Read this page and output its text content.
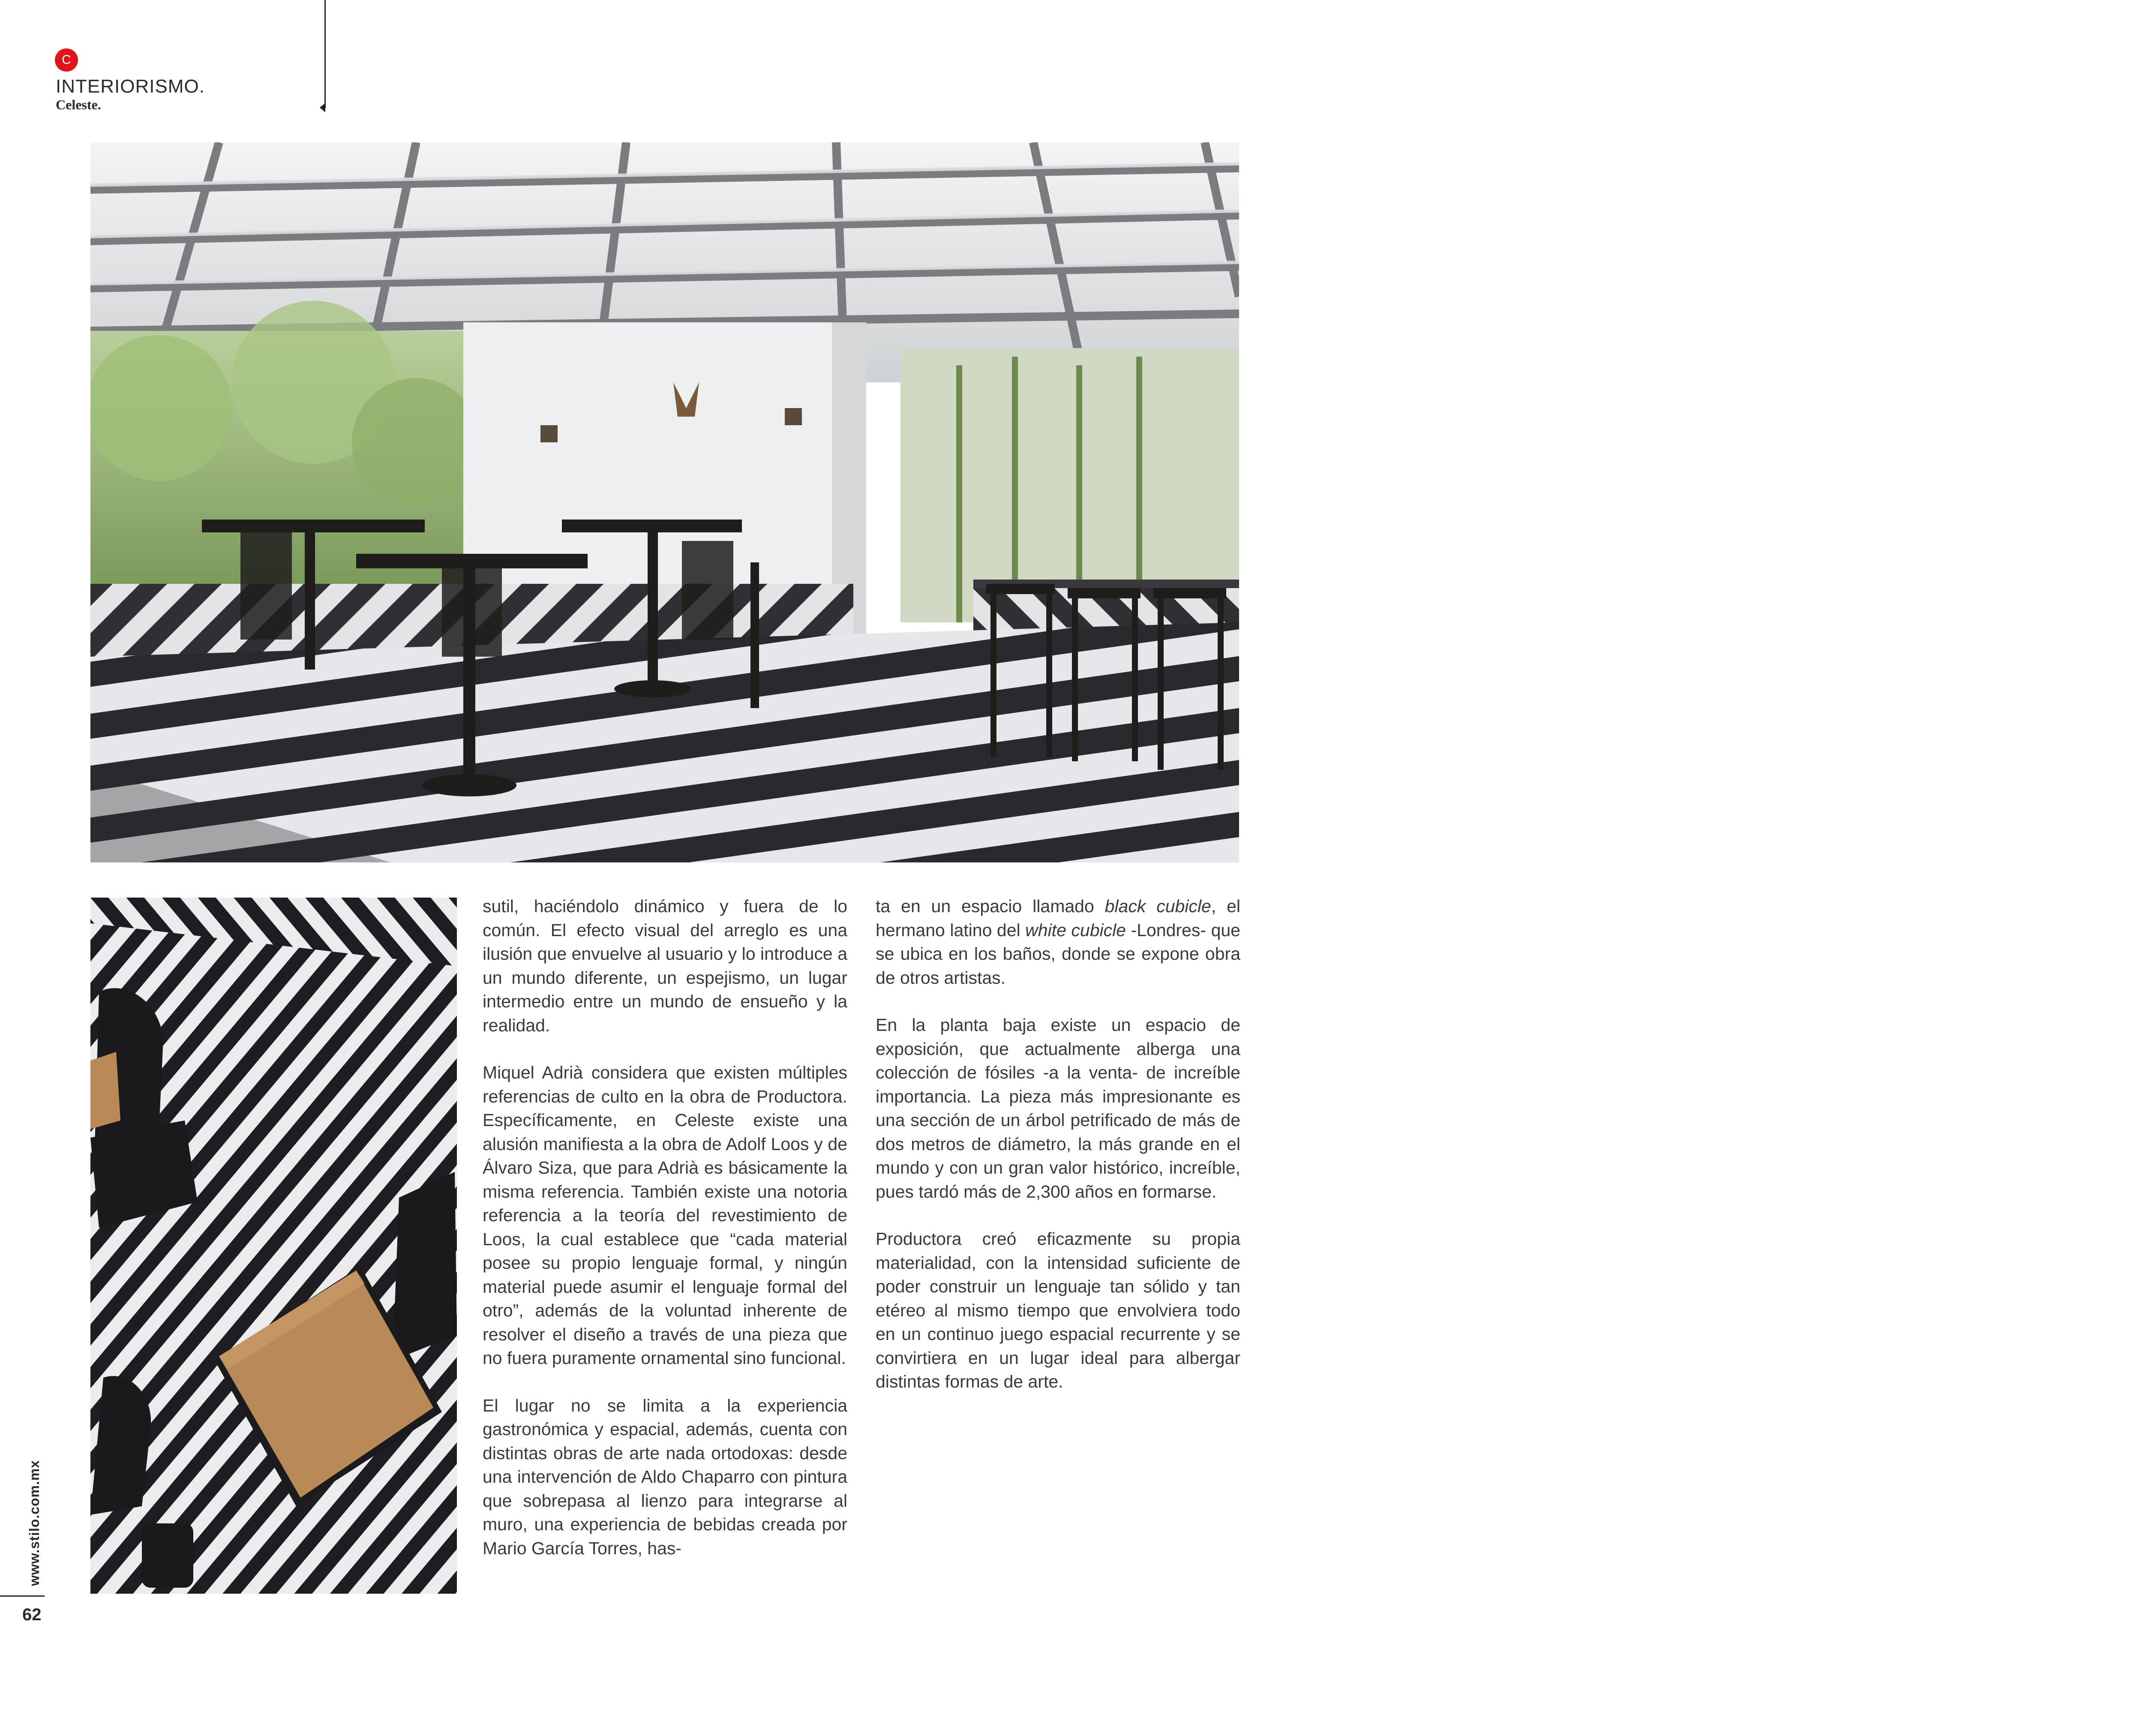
C
INTERIORISMO.
Celeste.

sutil, haciéndolo dinámico y fuera de lo común. El efecto visual del arreglo es una ilusión que envuelve al usuario y lo introduce a un mundo diferente, un espejismo, un lugar intermedio entre un mundo de ensueño y la realidad.

Miquel Adrià considera que existen múltiples referencias de culto en la obra de Productora. Específicamente, en Celeste existe una alusión manifiesta a la obra de Adolf Loos y de Álvaro Siza, que para Adrià es básicamente la misma referencia. También existe una notoria referencia a la teoría del revestimiento de Loos, la cual establece que “cada material posee su propio lenguaje formal, y ningún material puede asumir el lenguaje formal del otro”, además de la voluntad inherente de resolver el diseño a través de una pieza que no fuera puramente ornamental sino funcional.

El lugar no se limita a la experiencia gastronómica y espacial, además, cuenta con distintas obras de arte nada ortodoxas: desde una intervención de Aldo Chaparro con pintura que sobrepasa al lienzo para integrarse al muro, una experiencia de bebidas creada por Mario García Torres, has-

ta en un espacio llamado black cubicle, el hermano latino del white cubicle -Londres- que se ubica en los baños, donde se expone obra de otros artistas.

En la planta baja existe un espacio de exposición, que actualmente alberga una colección de fósiles -a la venta- de increíble importancia. La pieza más impresionante es una sección de un árbol petrificado de más de dos metros de diámetro, la más grande en el mundo y con un gran valor histórico, increíble, pues tardó más de 2,300 años en formarse.

Productora creó eficazmente su propia materialidad, con la intensidad suficiente de poder construir un lenguaje tan sólido y tan etéreo al mismo tiempo que envolviera todo en un continuo juego espacial recurrente y se convirtiera en un lugar ideal para albergar distintas formas de arte.

www.stilo.com.mx
62
